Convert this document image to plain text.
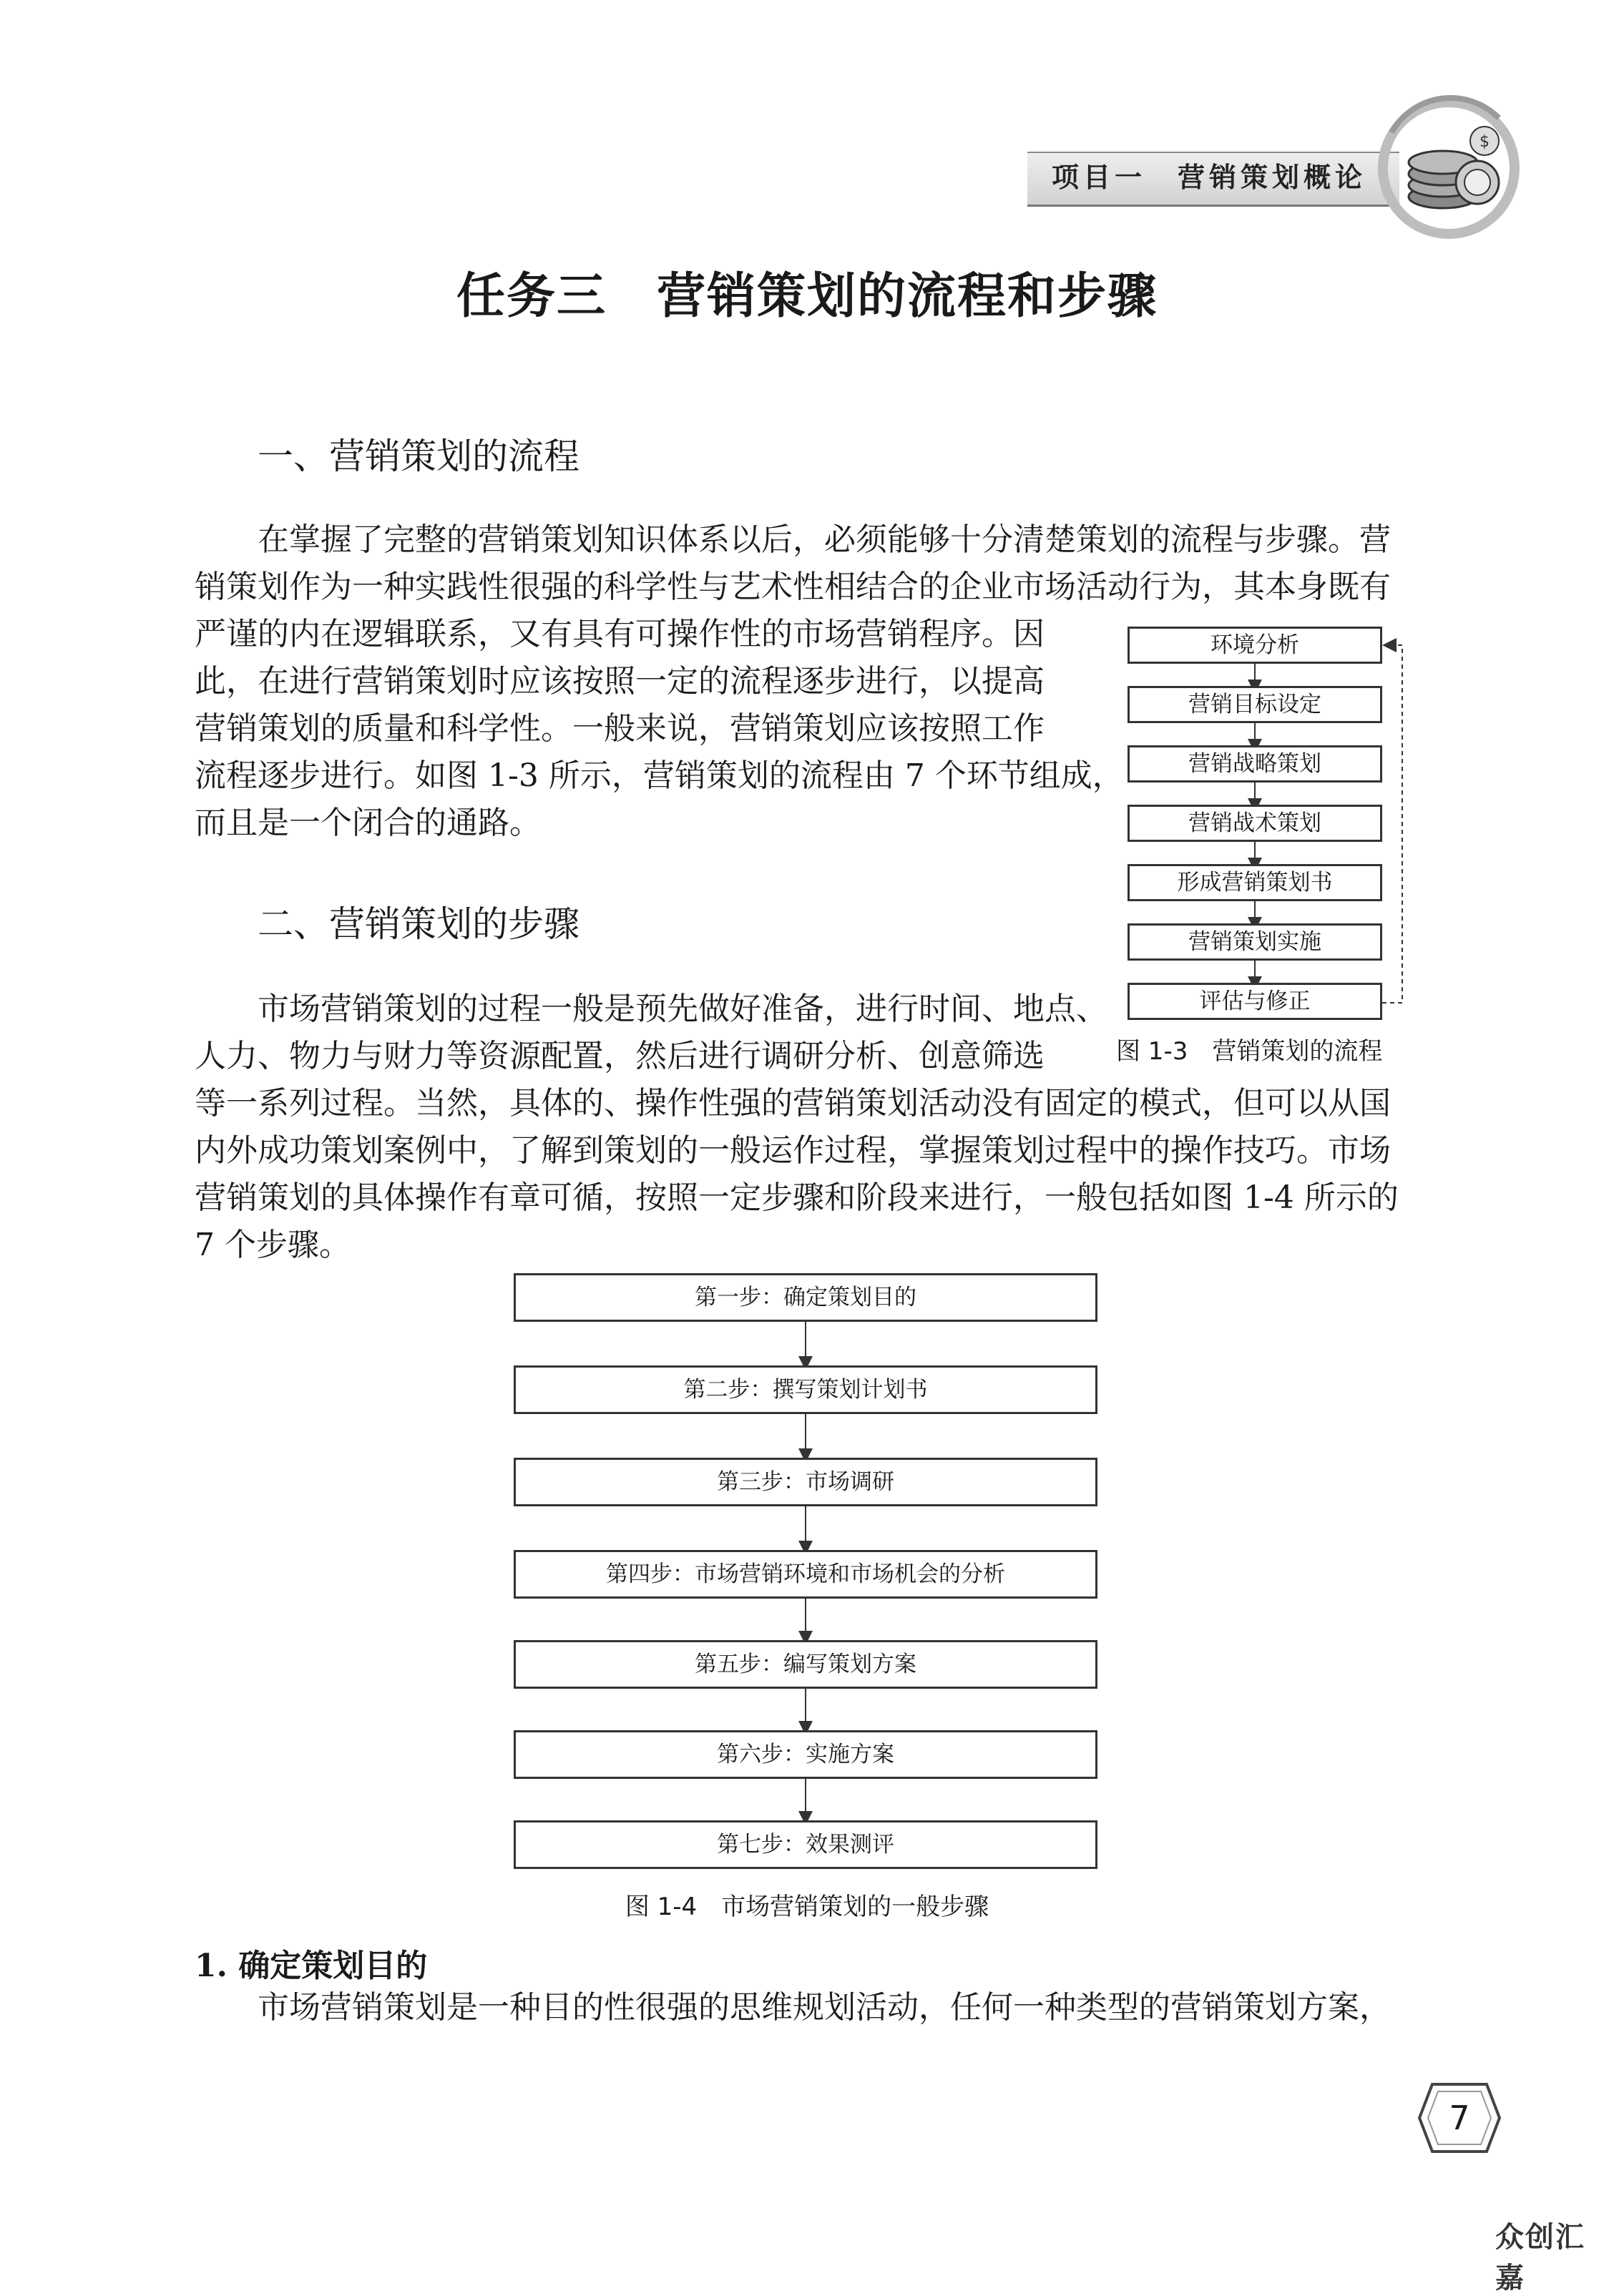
项目一　营销策划概论
$
任务三　营销策划的流程和步骤
一、营销策划的流程
　　在掌握了完整的营销策划知识体系以后，必须能够十分清楚策划的流程与步骤。营
销策划作为一种实践性很强的科学性与艺术性相结合的企业市场活动行为，其本身既有
严谨的内在逻辑联系，又有具有可操作性的市场营销程序。因
此，在进行营销策划时应该按照一定的流程逐步进行，以提高
营销策划的质量和科学性。一般来说，营销策划应该按照工作
流程逐步进行。如图 1-3 所示，营销策划的流程由 7 个环节组成，
而且是一个闭合的通路。
环境分析
营销目标设定
营销战略策划
营销战术策划
形成营销策划书
营销策划实施
评估与修正
图 1-3　营销策划的流程
二、营销策划的步骤
　　市场营销策划的过程一般是预先做好准备，进行时间、地点、
人力、物力与财力等资源配置，然后进行调研分析、创意筛选
等一系列过程。当然，具体的、操作性强的营销策划活动没有固定的模式，但可以从国
内外成功策划案例中，了解到策划的一般运作过程，掌握策划过程中的操作技巧。市场
营销策划的具体操作有章可循，按照一定步骤和阶段来进行，一般包括如图 1-4 所示的
7 个步骤。
第一步：确定策划目的
第二步：撰写策划计划书
第三步：市场调研
第四步：市场营销环境和市场机会的分析
第五步：编写策划方案
第六步：实施方案
第七步：效果测评
图 1-4　市场营销策划的一般步骤
1. 确定策划目的
市场营销策划是一种目的性很强的思维规划活动，任何一种类型的营销策划方案，
7
众创汇嘉
